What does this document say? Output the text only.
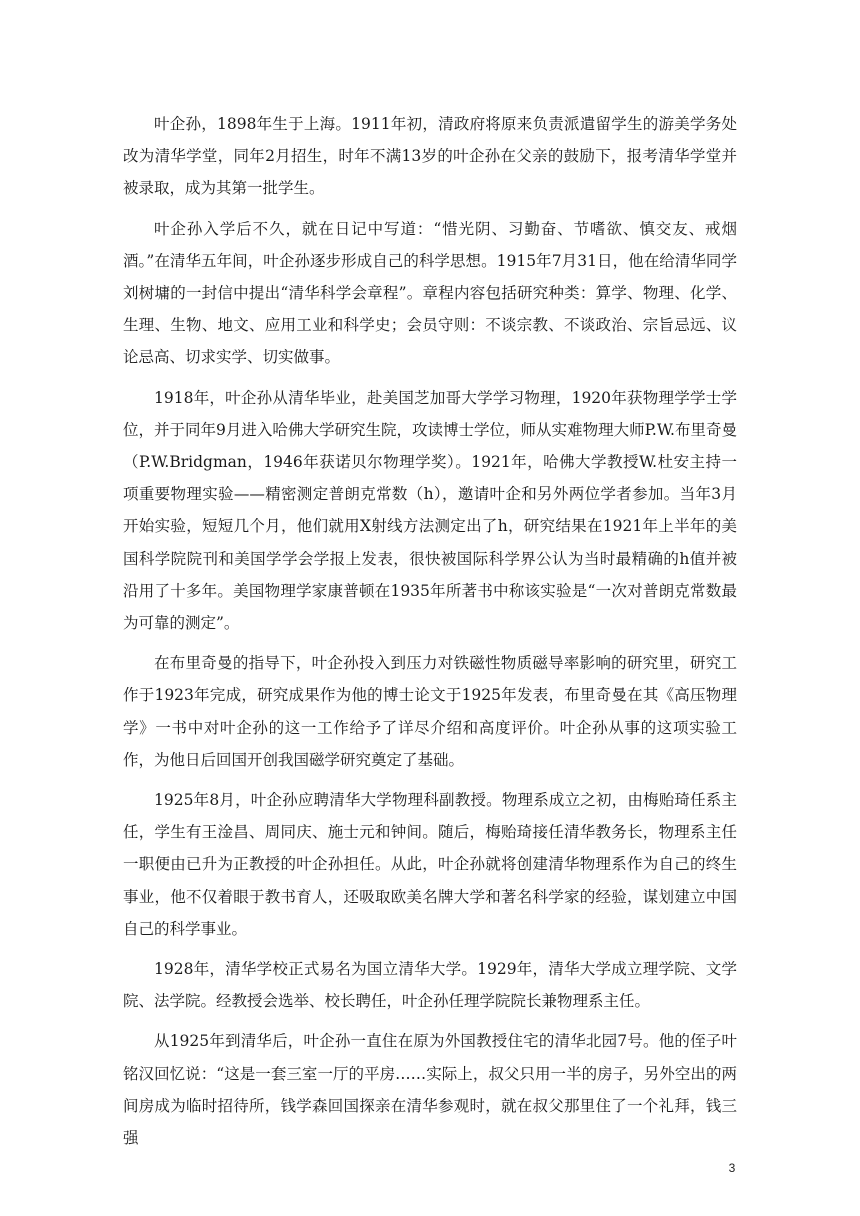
叶企孙，1898年生于上海。1911年初，清政府将原来负责派遣留学生的游美学务处改为清华学堂，同年2月招生，时年不满13岁的叶企孙在父亲的鼓励下，报考清华学堂并被录取，成为其第一批学生。

叶企孙入学后不久，就在日记中写道：“惜光阴、习勤奋、节嗜欲、慎交友、戒烟酒。”在清华五年间，叶企孙逐步形成自己的科学思想。1915年7月31日，他在给清华同学刘树墉的一封信中提出“清华科学会章程”。章程内容包括研究种类：算学、物理、化学、生理、生物、地文、应用工业和科学史；会员守则：不谈宗教、不谈政治、宗旨忌远、议论忌高、切求实学、切实做事。

1918年，叶企孙从清华毕业，赴美国芝加哥大学学习物理，1920年获物理学学士学位，并于同年9月进入哈佛大学研究生院，攻读博士学位，师从实难物理大师P.W.布里奇曼（P.W.Bridgman，1946年获诺贝尔物理学奖）。1921年，哈佛大学教授W.杜安主持一项重要物理实验——精密测定普朗克常数（h），邀请叶企和另外两位学者参加。当年3月开始实验，短短几个月，他们就用X射线方法测定出了h，研究结果在1921年上半年的美国科学院院刊和美国学学会学报上发表，很快被国际科学界公认为当时最精确的h值并被沿用了十多年。美国物理学家康普顿在1935年所著书中称该实验是“一次对普朗克常数最为可靠的测定”。

在布里奇曼的指导下，叶企孙投入到压力对铁磁性物质磁导率影响的研究里，研究工作于1923年完成，研究成果作为他的博士论文于1925年发表，布里奇曼在其《高压物理学》一书中对叶企孙的这一工作给予了详尽介绍和高度评价。叶企孙从事的这项实验工作，为他日后回国开创我国磁学研究奠定了基础。

1925年8月，叶企孙应聘清华大学物理科副教授。物理系成立之初，由梅贻琦任系主任，学生有王淦昌、周同庆、施士元和钟间。随后，梅贻琦接任清华教务长，物理系主任一职便由已升为正教授的叶企孙担任。从此，叶企孙就将创建清华物理系作为自己的终生事业，他不仅着眼于教书育人，还吸取欧美名牌大学和著名科学家的经验，谋划建立中国自己的科学事业。

1928年，清华学校正式易名为国立清华大学。1929年，清华大学成立理学院、文学院、法学院。经教授会选举、校长聘任，叶企孙任理学院院长兼物理系主任。

从1925年到清华后，叶企孙一直住在原为外国教授住宅的清华北园7号。他的侄子叶铭汉回忆说：“这是一套三室一厅的平房……实际上，叔父只用一半的房子，另外空出的两间房成为临时招待所，钱学森回国探亲在清华参观时，就在叔父那里住了一个礼拜，钱三强

3
